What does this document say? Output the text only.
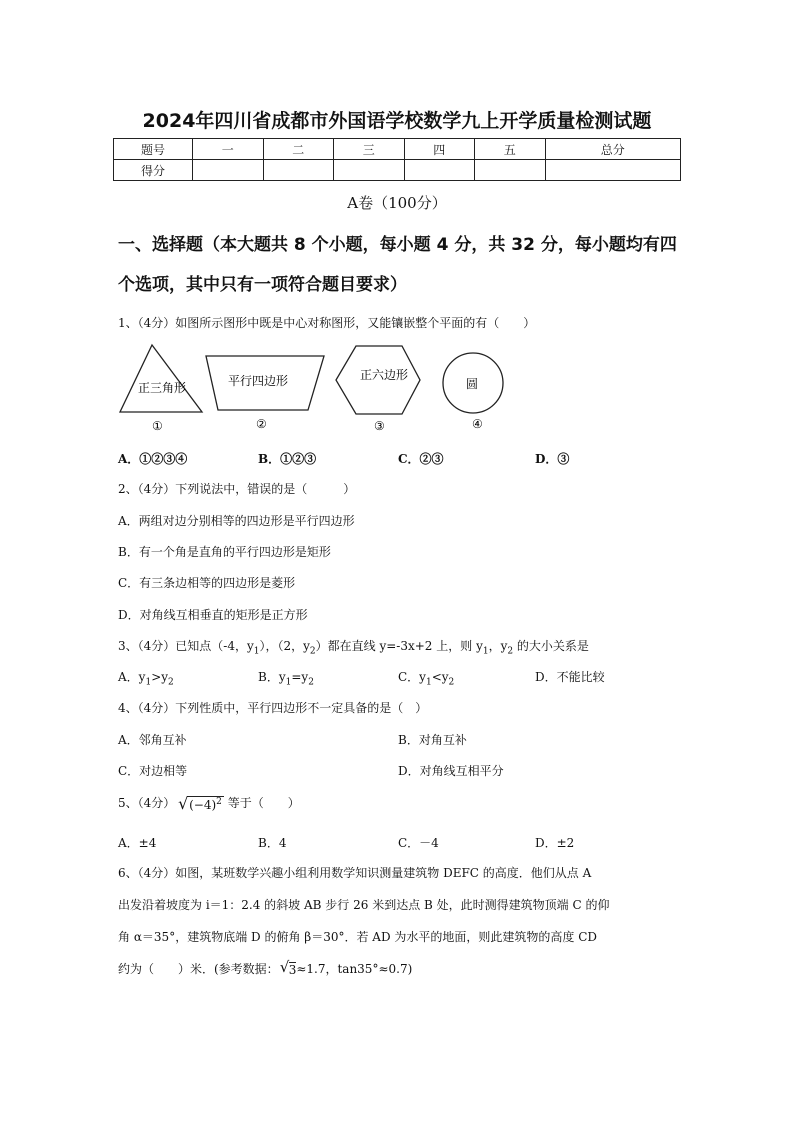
2024年四川省成都市外国语学校数学九上开学质量检测试题
题号	一	二	三	四	五	总分
得分						
A卷（100分）
一、选择题（本大题共 8 个小题，每小题 4 分，共 32 分，每小题均有四个选项，其中只有一项符合题目要求）
1、（4分）如图所示图形中既是中心对称图形，又能镶嵌整个平面的有（　　）
正三角形	平行四边形	正六边形
圆
①	②	③	④
A．①②③④	B．①②③	C．②③	D．③
2、（4分）下列说法中，错误的是（　　　）
A．两组对边分别相等的四边形是平行四边形
B．有一个角是直角的平行四边形是矩形
C．有三条边相等的四边形是菱形
D．对角线互相垂直的矩形是正方形
3、（4分）已知点（-4，$y_1$），（2，$y_2$）都在直线 y=-3x+2 上，则 $y_1$，$y_2$ 的大小关系是
A．$y_1>y_2$	B．$y_1=y_2$	C．$y_1<y_2$	D．不能比较
4、（4分）下列性质中，平行四边形不一定具备的是（　）
A．邻角互补	B．对角互补
C．对边相等	D．对角线互相平分
5、（4分） √ $(-4)^2$ 等于（　　）
A．±4	B．4	C．－4	D．±2
6、（4分）如图，某班数学兴趣小组利用数学知识测量建筑物 DEFC 的高度．他们从点 A
出发沿着坡度为 i＝1：2.4 的斜坡 AB 步行 26 米到达点 B 处，此时测得建筑物顶端 C 的仰
角 α＝35°，建筑物底端 D 的俯角 β＝30°．若 AD 为水平的地面，则此建筑物的高度 CD
约为（　　）米．(参考数据： √ 3≈1.7，tan35°≈0.7)
